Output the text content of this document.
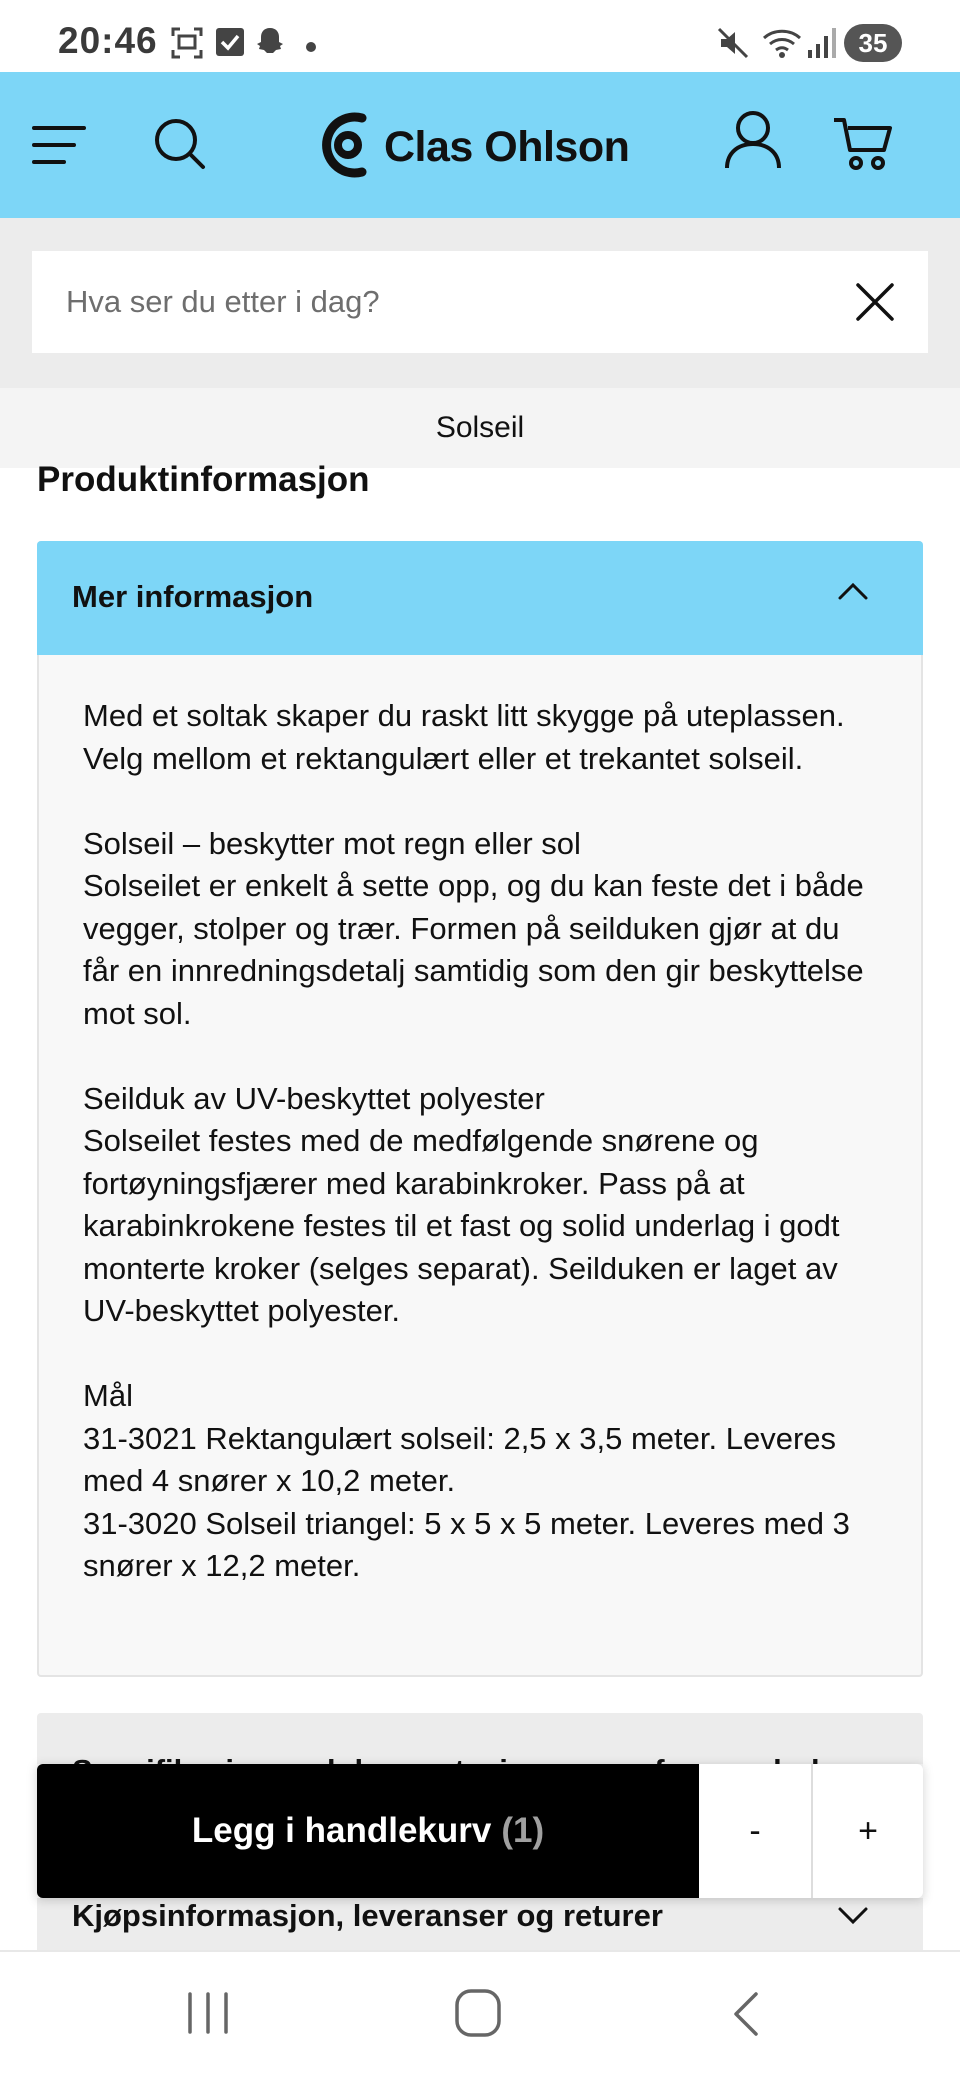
20:46	35
Clas Ohlson
Hva ser du etter i dag?
Solseil
Produktinformasjon
Mer informasjon

Med et soltak skaper du raskt litt skygge på uteplassen. Velg mellom et rektangulært eller et trekantet solseil.

Solseil – beskytter mot regn eller sol

Solseilet er enkelt å sette opp, og du kan feste det i både vegger, stolper og trær. Formen på seilduken gjør at du får en innredningsdetalj samtidig som den gir beskyttelse mot sol.

Seilduk av UV-beskyttet polyester

Solseilet festes med de medfølgende snørene og fortøyningsfjærer med karabinkroker. Pass på at karabinkrokene festes til et fast og solid underlag i godt monterte kroker (selges separat). Seilduken er laget av UV-beskyttet polyester.

Mål

31-3021 Rektangulært solseil: 2,5 x 3,5 meter. Leveres med 4 snører x 10,2 meter.

31-3020 Solseil triangel: 5 x 5 x 5 meter. Leveres med 3 snører x 12,2 meter.

Kjøpsinformasjon, leveranser og returer
Legg i handlekurv (1)	-	+
